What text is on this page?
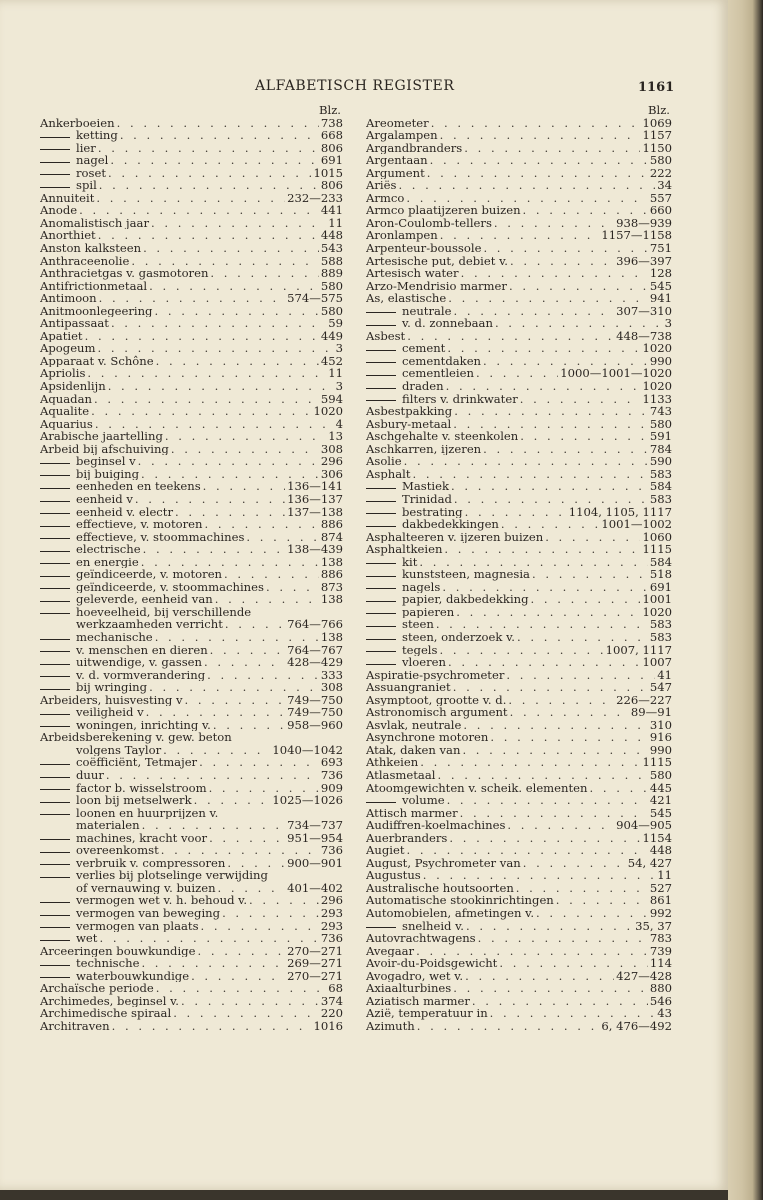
ALFABETISCH REGISTER	1161
Blz.
Ankerboeien . . .	738
ketting . . .	668
lier . . .	806
nagel . . .	691
roset . . .	1015
spil . . .	806
Annuiteit . . .	232—233
Anode . . .	441
Anomalistisch jaar . . .	11
Anorthiet . . .	448
Anston kalksteen . . .	543
Anthraceenolie . . .	588
Anthracietgas v. gasmotoren . . .	889
Antifrictionmetaal . . .	580
Antimoon . . .	574—575
Anitmoonlegeering . . .	580
Antipassaat . . .	59
Apatiet . . .	449
Apogeum . . .	3
Apparaat v. Schône . . .	452
Apriolis . . .	11
Apsidenlijn . . .	3
Aquadan . . .	594
Aqualite . . .	1020
Aquarius . . .	4
Arabische jaartelling . . .	13
Arbeid bij afschuiving . . .	308
beginsel v . . .	296
bij buiging . . .	306
eenheden en teekens . . .	136—141
eenheid v . . .	136—137
eenheid v. electr . . .	137—138
effectieve, v. motoren . . .	886
effectieve, v. stoommachines . . .	874
electrische . . .	138—439
en energie . . .	138
geïndiceerde, v. motoren . . .	886
geïndiceerde, v. stoommachines . . .	873
geleverde, eenheid van . . .	138
hoeveelheid, bij verschillende
werkzaamheden verricht . . .	764—766
mechanische . . .	138
v. menschen en dieren . . .	764—767
uitwendige, v. gassen . . .	428—429
v. d. vormverandering . . .	333
bij wringing . . .	308
Arbeiders, huisvesting v . . .	749—750
veiligheid v . . .	749—750
woningen, inrichting v. . . .	958—960
Arbeidsberekening v. gew. beton
volgens Taylor . . .	1040—1042
coëfficiënt, Tetmajer . . .	693
duur . . .	736
factor b. wisselstroom . . .	909
loon bij metselwerk . . .	1025—1026
loonen en huurprijzen v.
materialen . . .	734—737
machines, kracht voor . . .	951—954
overeenkomst . . .	736
verbruik v. compressoren . . .	900—901
verlies bij plotselinge verwijding
of vernauwing v. buizen . . .	401—402
vermogen wet v. h. behoud v. . . .	296
vermogen van beweging . . .	293
vermogen van plaats . . .	293
wet . . .	736
Arceeringen bouwkundige . . .	270—271
technische . . .	269—271
waterbouwkundige . . .	270—271
Archaïsche periode . . .	68
Archimedes, beginsel v. . . .	374
Archimedische spiraal . . .	220
Architraven . . .	1016
Blz.
Areometer . . .	1069
Argalampen . . .	1157
Argandbranders . . .	1150
Argentaan . . .	580
Argument . . .	222
Ariës . . .	34
Armco . . .	557
Armco plaatijzeren buizen . . .	660
Aron-Coulomb-tellers . . .	938—939
Aronlampen . . .	1157—1158
Arpenteur-boussole . . .	751
Artesische put, debiet v. . . .	396—397
Artesisch water . . .	128
Arzo-Mendrisio marmer . . .	545
As, elastische . . .	941
neutrale . . .	307—310
v. d. zonnebaan . . .	3
Asbest . . .	448—738
cement . . .	1020
cementdaken . . .	990
cementleien . . .	1000—1001—1020
draden . . .	1020
filters v. drinkwater . . .	1133
Asbestpakking . . .	743
Asbury-metaal . . .	580
Aschgehalte v. steenkolen . . .	591
Aschkarren, ijzeren . . .	784
Asolie . . .	590
Asphalt . . .	583
Mastiek . . .	584
Trinidad . . .	583
bestrating . . .	1104, 1105, 1117
dakbedekkingen . . .	1001—1002
Asphalteeren v. ijzeren buizen . . .	1060
Asphaltkeien . . .	1115
kit . . .	584
kunststeen, magnesia . . .	518
nagels . . .	691
papier, dakbedekking . . .	1001
papieren . . .	1020
steen . . .	583
steen, onderzoek v. . . .	583
tegels . . .	1007, 1117
vloeren . . .	1007
Aspiratie-psychrometer . . .	41
Assuangraniet . . .	547
Asymptoot, grootte v. d. . . .	226—227
Astronomisch argument . . .	89—91
Asvlak, neutrale . . .	310
Asynchrone motoren . . .	916
Atak, daken van . . .	990
Athkeien . . .	1115
Atlasmetaal . . .	580
Atoomgewichten v. scheik. elementen . . .	445
volume . . .	421
Attisch marmer . . .	545
Audiffren-koelmachines . . .	904—905
Auerbranders . . .	1154
Augiet . . .	448
August, Psychrometer van . . .	54, 427
Augustus . . .	11
Australische houtsoorten . . .	527
Automatische stookinrichtingen . . .	861
Automobielen, afmetingen v. . . .	992
snelheid v. . . .	35, 37
Autovrachtwagens . . .	783
Avegaar . . .	739
Avoir-du-Poidsgewicht . . .	114
Avogadro, wet v. . . .	427—428
Axiaalturbines . . .	880
Aziatisch marmer . . .	546
Azië, temperatuur in . . .	43
Azimuth . . .	6, 476—492
